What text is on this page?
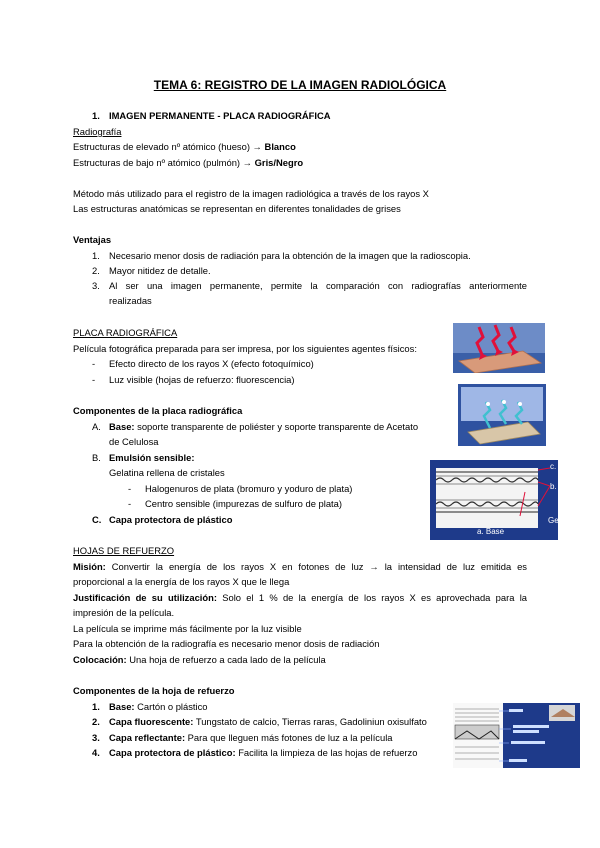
TEMA 6: REGISTRO DE LA IMAGEN RADIOLÓGICA
1. IMAGEN PERMANENTE - PLACA RADIOGRÁFICA
Radiografía
Estructuras de elevado nº atómico (hueso) → Blanco
Estructuras de bajo nº atómico (pulmón) → Gris/Negro
Método más utilizado para el registro de la imagen radiológica a través de los rayos X
Las estructuras anatómicas se representan en diferentes tonalidades de grises
Ventajas
1. Necesario menor dosis de radiación para la obtención de la imagen que la radioscopia.
2. Mayor nitidez de detalle.
3. Al ser una imagen permanente, permite la comparación con radiografías anteriormente
realizadas
PLACA RADIOGRÁFICA
Película fotográfica preparada para ser impresa, por los siguientes agentes físicos:
- Efecto directo de los rayos X (efecto fotoquímico)
- Luz visible (hojas de refuerzo: fluorescencia)
Componentes de la placa radiográfica
A. Base: soporte transparente de poliéster y soporte transparente de Acetato
de Celulosa
B. Emulsión sensible:
Gelatina rellena de cristales
- Halogenuros de plata (bromuro y yoduro de plata)
- Centro sensible (impurezas de sulfuro de plata)
C. Capa protectora de plástico
HOJAS DE REFUERZO
Misión: Convertir la energía de los rayos X en fotones de luz → la intensidad de luz emitida es
proporcional a la energía de los rayos X que le llega
Justificación de su utilización: Solo el 1 % de la energía de los rayos X es aprovechada para la
impresión de la película.
La película se imprime más fácilmente por la luz visible
Para la obtención de la radiografía es necesario menor dosis de radiación
Colocación: Una hoja de refuerzo a cada lado de la película
Componentes de la hoja de refuerzo
1. Base: Cartón o plástico
2. Capa fluorescente: Tungstato de calcio, Tierras raras, Gadoliniun oxisulfato
3. Capa reflectante: Para que lleguen más fotones de luz a la película
4. Capa protectora de plástico: Facilita la limpieza de las hojas de refuerzo
c.
b.
a. Base
Ge
